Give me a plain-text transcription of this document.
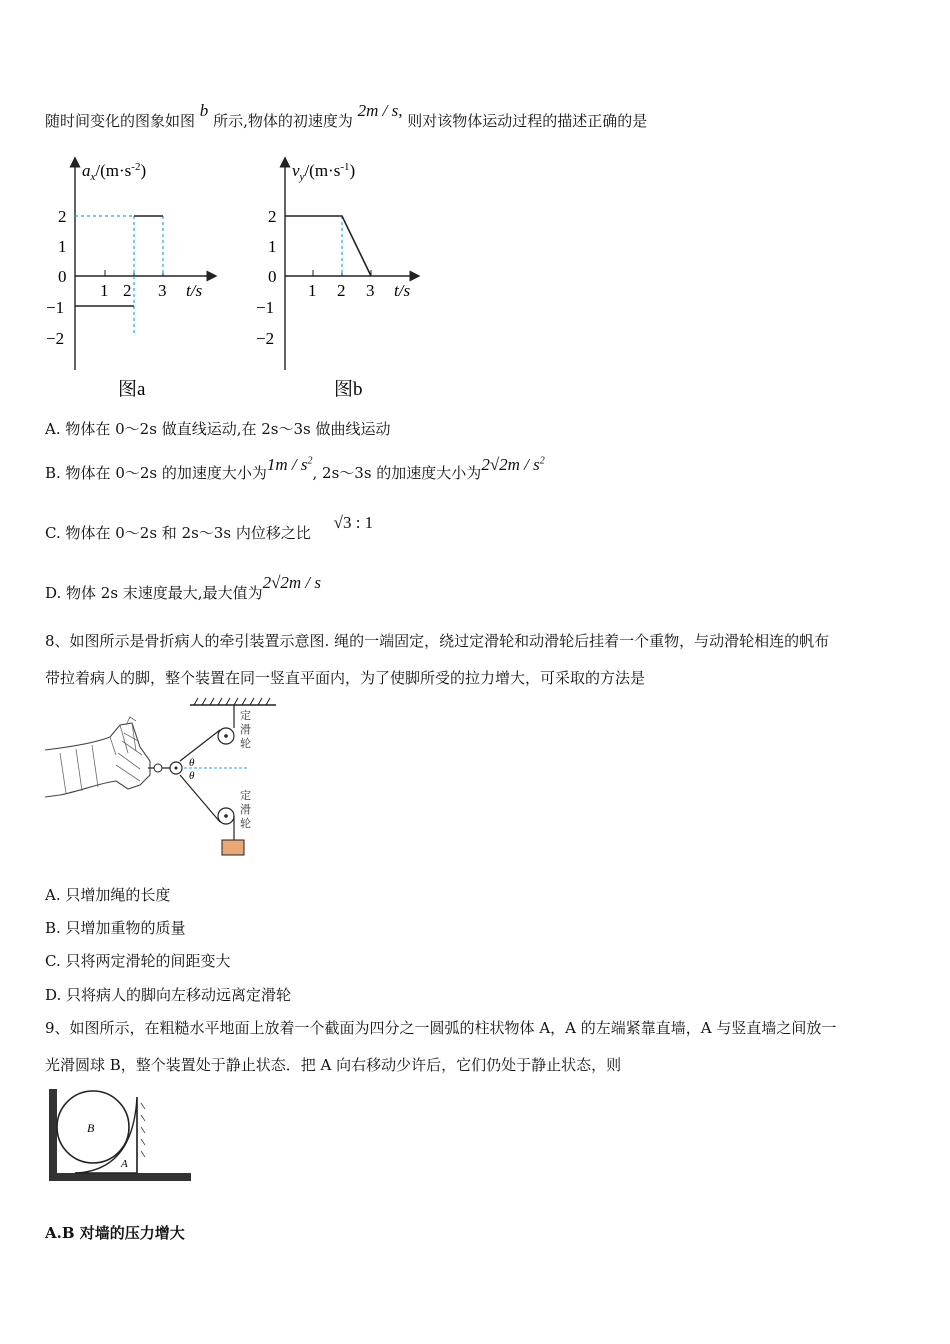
随时间变化的图象如图 b 所示,物体的初速度为 2m / s, 则对该物体运动过程的描述正确的是
$a_x/(m\cdot s^{-2})$
2
1
0
−1
−2
1 2 3 t/s
图a
$v_y/(m\cdot s^{-1})$
2
1
0
−1
−2
1 2 3 t/s
图b
A. 物体在 0～2s 做直线运动,在 2s～3s 做曲线运动
B. 物体在 0～2s 的加速度大小为$1m / s^2$, 2s～3s 的加速度大小为$2√2m / s^2$
C. 物体在 0～2s 和 2s～3s 内位移之比 √3 : 1
D. 物体 2s 末速度最大,最大值为2√2m / s
8、如图所示是骨折病人的牵引装置示意图. 绳的一端固定，绕过定滑轮和动滑轮后挂着一个重物，与动滑轮相连的帆布
带拉着病人的脚，整个装置在同一竖直平面内，为了使脚所受的拉力增大，可采取的方法是
θ
θ
定
滑
轮
定
滑
轮
A. 只增加绳的长度
B. 只增加重物的质量
C. 只将两定滑轮的间距变大
D. 只将病人的脚向左移动远离定滑轮
9、如图所示，在粗糙水平地面上放着一个截面为四分之一圆弧的柱状物体 A，A 的左端紧靠直墙，A 与竖直墙之间放一
光滑圆球 B，整个装置处于静止状态．把 A 向右移动少许后，它们仍处于静止状态，则
B
A
A.B 对墙的压力增大
